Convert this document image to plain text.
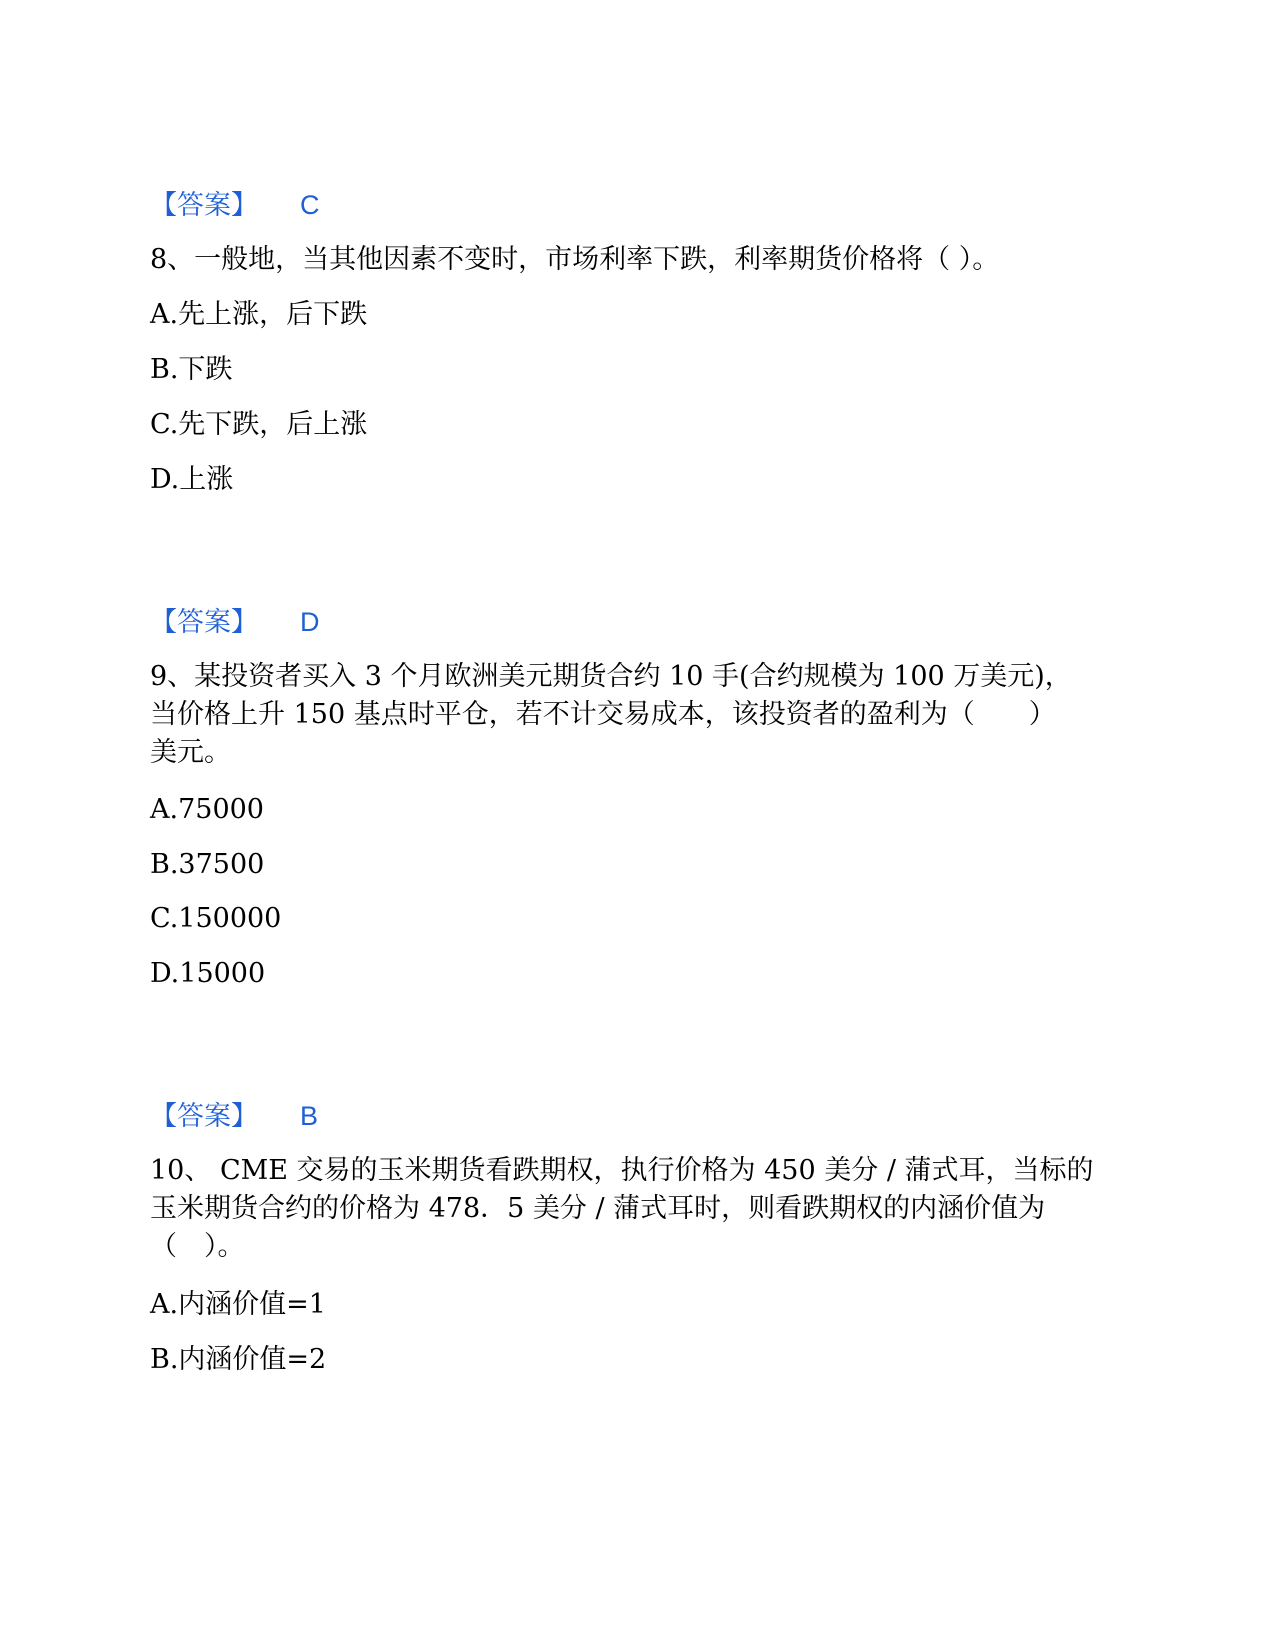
【答案】 C
8、一般地，当其他因素不变时，市场利率下跌，利率期货价格将（ ）。
A.先上涨，后下跌
B.下跌
C.先下跌，后上涨
D.上涨
【答案】 D
9、某投资者买入 3 个月欧洲美元期货合约 10 手(合约规模为 100 万美元)，
当价格上升 150 基点时平仓，若不计交易成本，该投资者的盈利为（　　）
美元。
A.75000
B.37500
C.150000
D.15000
【答案】 B
10、 CME 交易的玉米期货看跌期权，执行价格为 450 美分 / 蒲式耳，当标的
玉米期货合约的价格为 478．5 美分 / 蒲式耳时，则看跌期权的内涵价值为
（　）。
A.内涵价值=1
B.内涵价值=2
